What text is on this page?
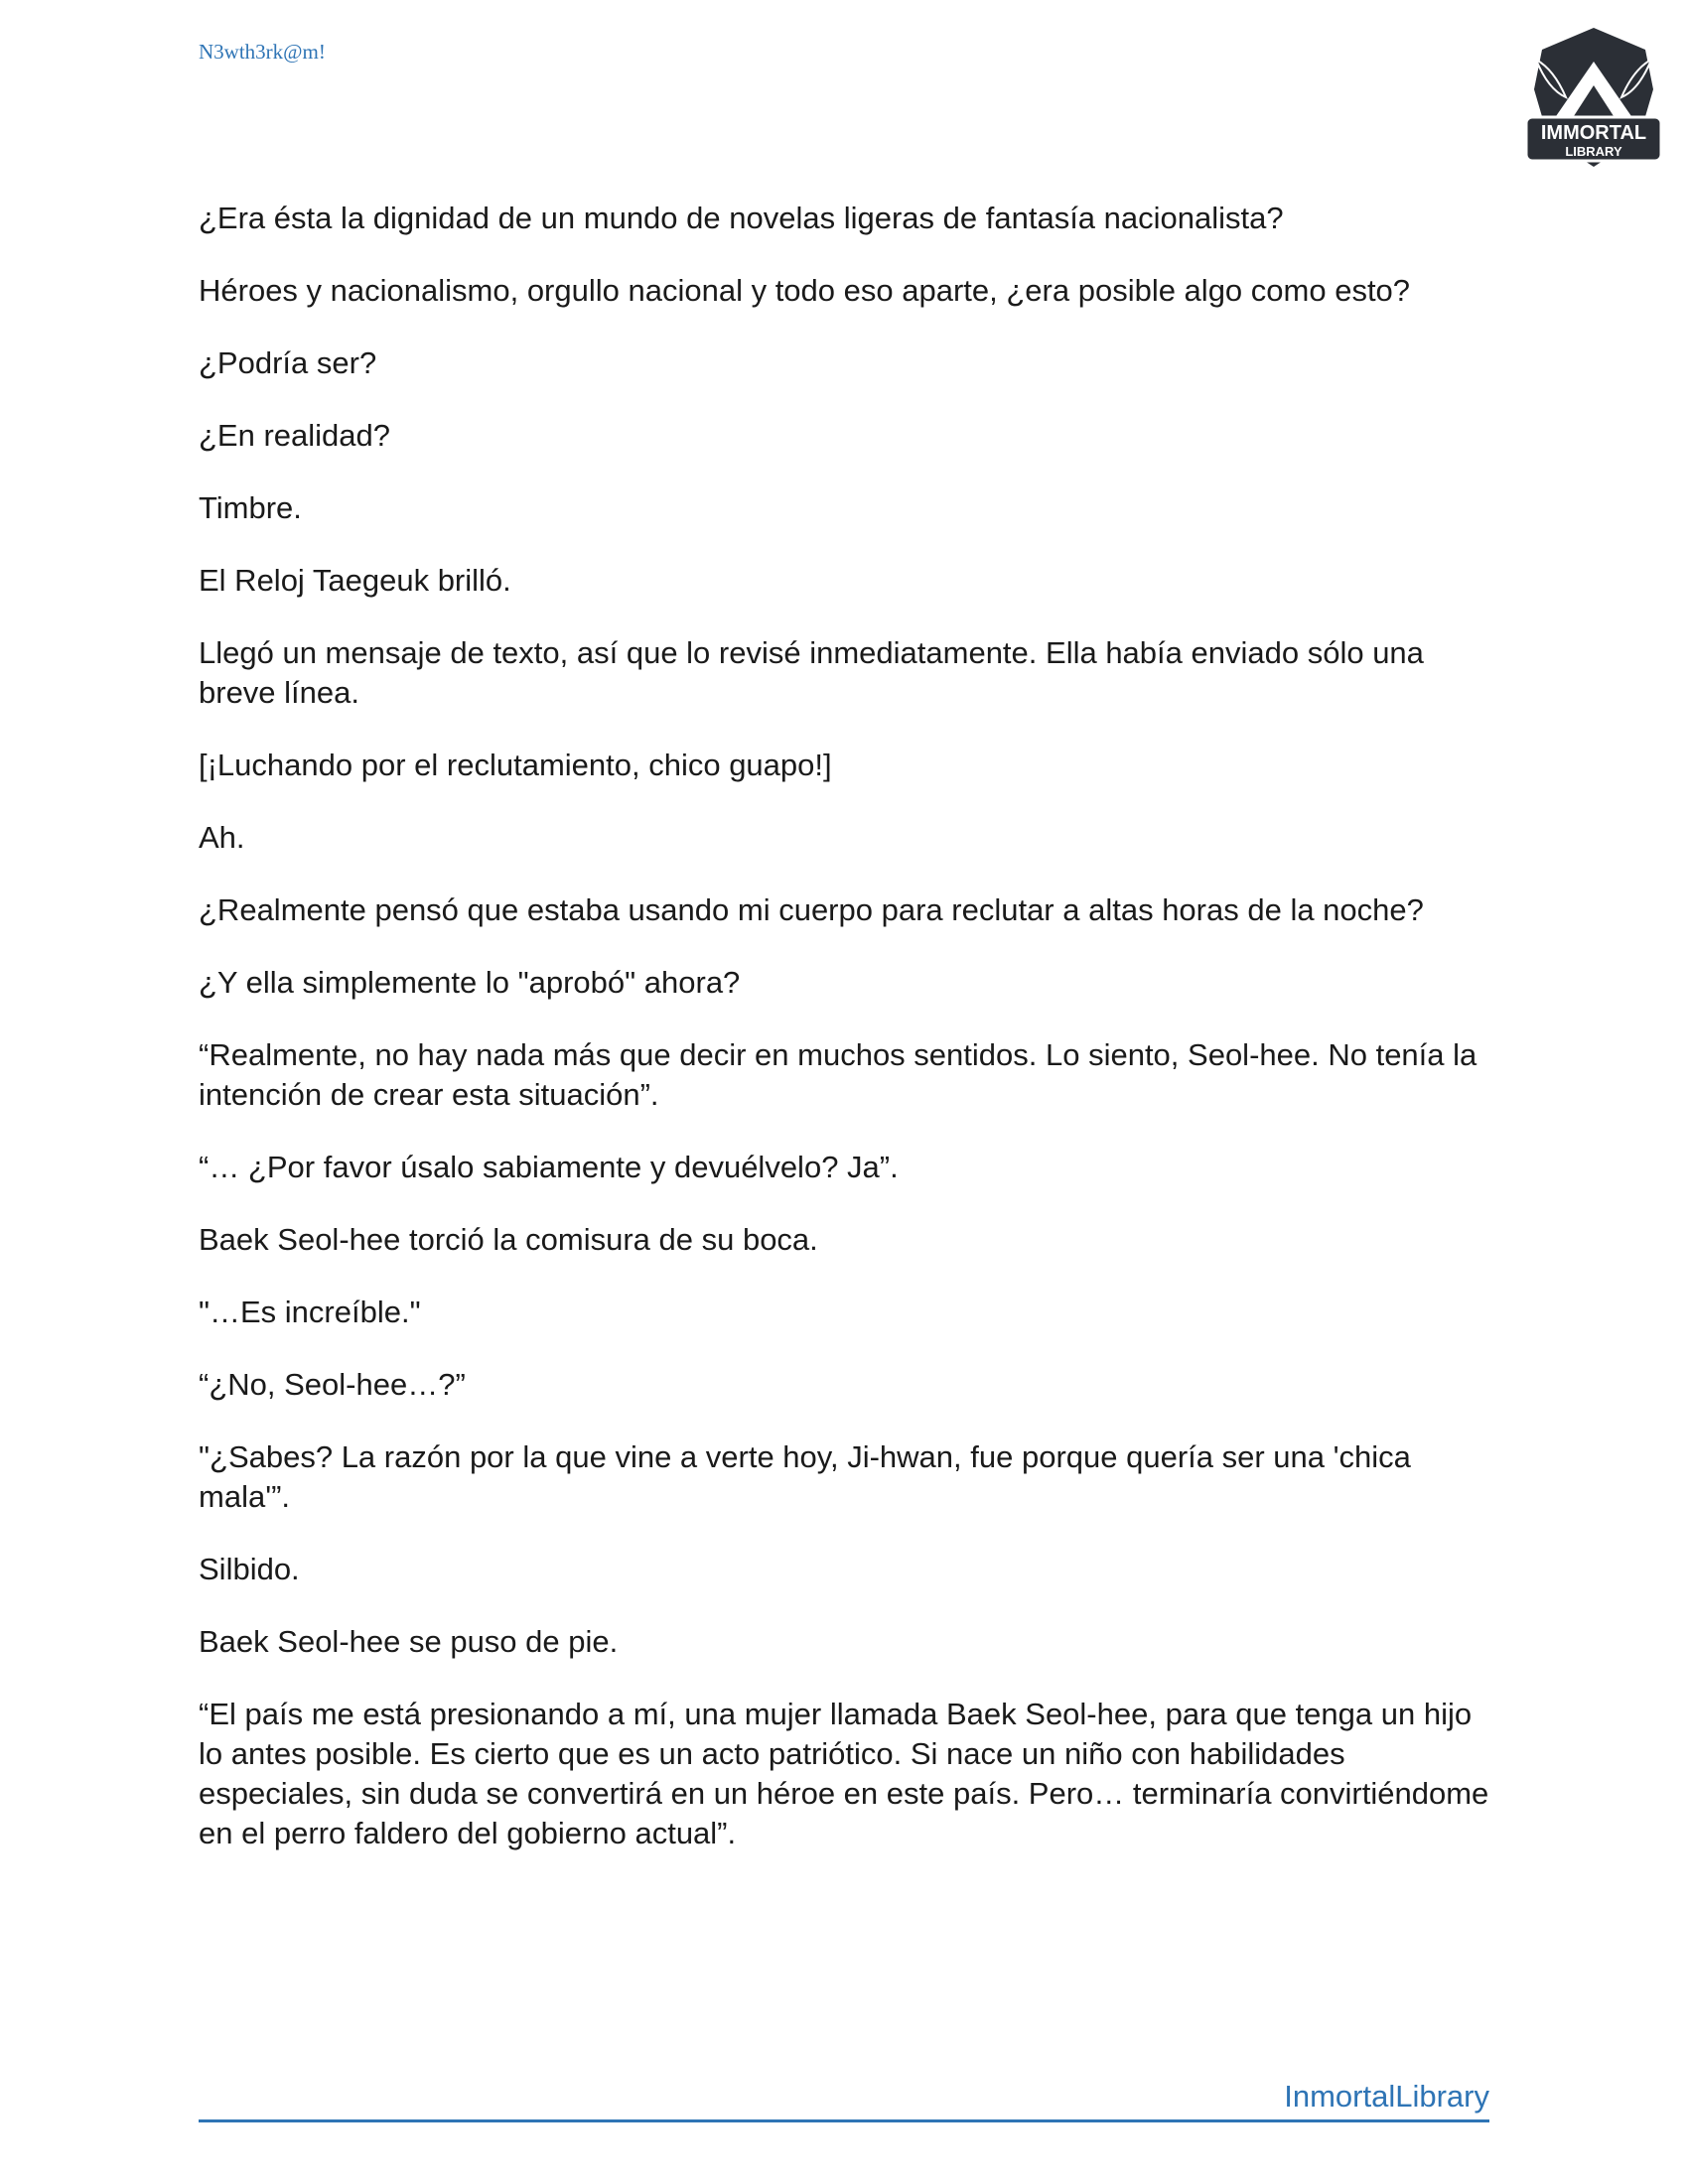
N3wth3rk@m!
IMMORTAL
LIBRARY

¿Era ésta la dignidad de un mundo de novelas ligeras de fantasía nacionalista?

Héroes y nacionalismo, orgullo nacional y todo eso aparte, ¿era posible algo como esto?

¿Podría ser?

¿En realidad?

Timbre.

El Reloj Taegeuk brilló.

Llegó un mensaje de texto, así que lo revisé inmediatamente. Ella había enviado sólo una breve línea.

[¡Luchando por el reclutamiento, chico guapo!]

Ah.

¿Realmente pensó que estaba usando mi cuerpo para reclutar a altas horas de la noche?

¿Y ella simplemente lo "aprobó" ahora?

“Realmente, no hay nada más que decir en muchos sentidos. Lo siento, Seol-hee. No tenía la intención de crear esta situación”.

“… ¿Por favor úsalo sabiamente y devuélvelo? Ja”.

Baek Seol-hee torció la comisura de su boca.

"…Es increíble."

“¿No, Seol-hee…?”

"¿Sabes? La razón por la que vine a verte hoy, Ji-hwan, fue porque quería ser una 'chica mala'”.

Silbido.

Baek Seol-hee se puso de pie.

“El país me está presionando a mí, una mujer llamada Baek Seol-hee, para que tenga un hijo lo antes posible. Es cierto que es un acto patriótico. Si nace un niño con habilidades especiales, sin duda se convertirá en un héroe en este país. Pero… terminaría convirtiéndome en el perro faldero del gobierno actual”.

InmortalLibrary
